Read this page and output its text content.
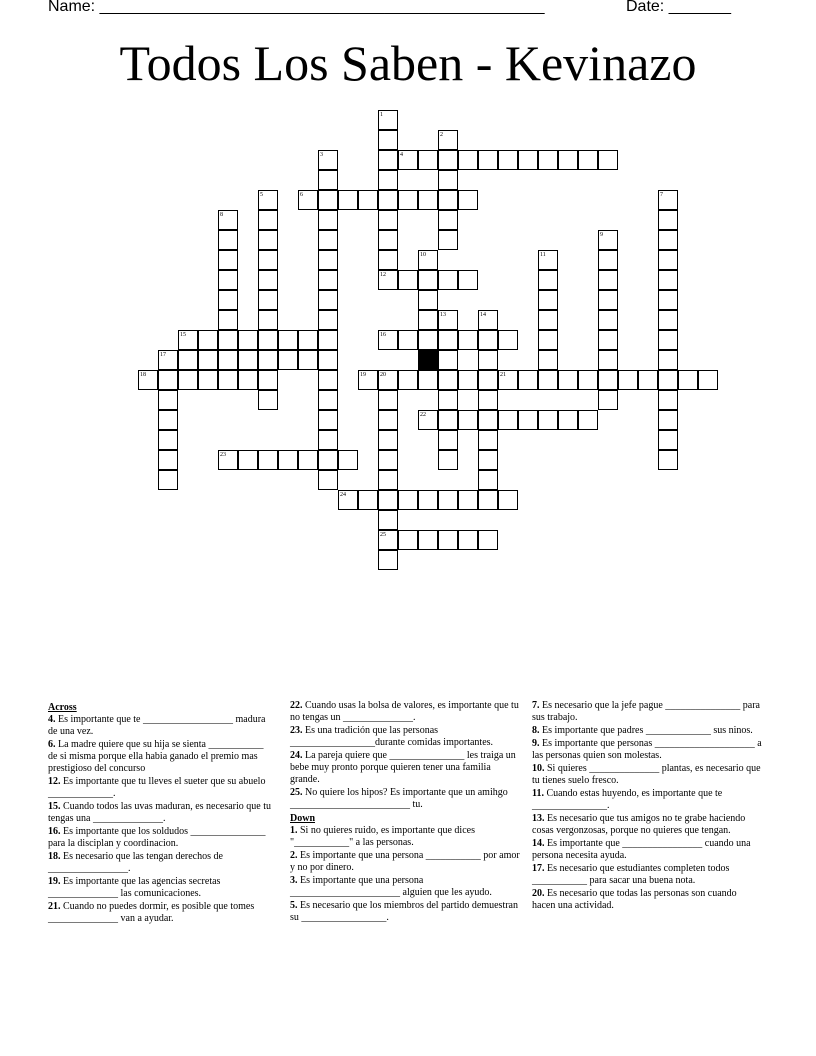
Name: __________________________________________________	Date: _______
Todos Los Saben - Kevinazo
4
6
12
15	16
17
18	19 20	21
22
23
24
25
1
2
3
5	7
8
9
10	11
13	14
Across
4. Es importante que te __________________ madura de una vez.
6. La madre quiere que su hija se sienta ___________ de si misma porque ella habia ganado el premio mas prestigioso del concurso
12. Es importante que tu lleves el sueter que su abuelo _____________.
15. Cuando todos las uvas maduran, es necesario que tu tengas una ______________.
16. Es importante que los soldudos _______________ para la disciplan y coordinacion.
18. Es necesario que las tengan derechos de ________________.
19. Es importante que las agencias secretas ______________ las comunicaciones.
21. Cuando no puedes dormir, es posible que tomes ______________ van a ayudar.
22. Cuando usas la bolsa de valores, es importante que tu no tengas un ______________.
23. Es una tradición que las personas _________________durante comidas importantes.
24. La pareja quiere que _______________ les traiga un bebe muy pronto porque quieren tener una familia grande.
25. No quiere los hipos? Es importante que un amihgo ________________________ tu.
Down
1. Si no quieres ruido, es importante que dices "___________" a las personas.
2. Es importante que una persona ___________ por amor y no por dinero.
3. Es importante que una persona ______________________ alguien que les ayudo.
5. Es necesario que los miembros del partido demuestran su _________________.
7. Es necesario que la jefe pague _______________ para sus trabajo.
8. Es importante que padres _____________ sus ninos.
9. Es importante que personas ____________________ a las personas quien son molestas.
10. Si quieres ______________ plantas, es necesario que tu tienes suelo fresco.
11. Cuando estas huyendo, es importante que te _______________.
13. Es necesario que tus amigos no te grabe haciendo cosas vergonzosas, porque no quieres que tengan.
14. Es importante que ________________ cuando una persona necesita ayuda.
17. Es necesario que estudiantes completen todos ___________ para sacar una buena nota.
20. Es necesario que todas las personas son cuando hacen una actividad.
